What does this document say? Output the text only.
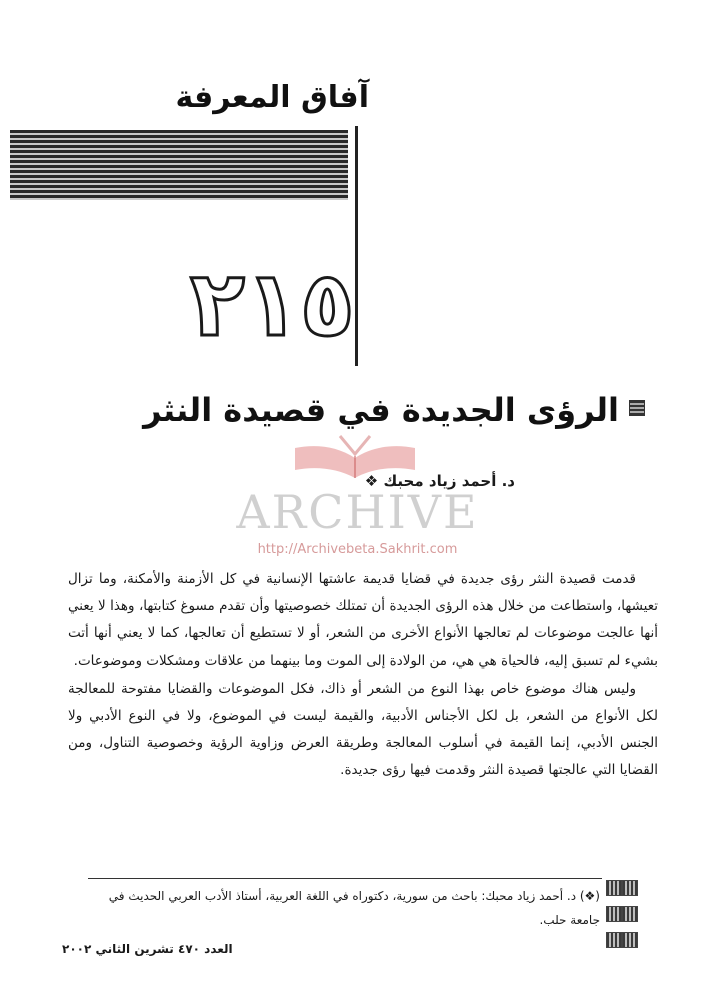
آفاق المعرفة
٢١٥
الرؤى الجديدة في قصيدة النثر
د. أحمد زياد محبك ❖
ARCHIVE
http://Archivebeta.Sakhrit.com

قدمت قصيدة النثر رؤى جديدة في قضايا قديمة عاشتها الإنسانية في كل الأزمنة والأمكنة، وما تزال تعيشها، واستطاعت من خلال هذه الرؤى الجديدة أن تمتلك خصوصيتها وأن تقدم مسوغ كتابتها، وهذا لا يعني أنها عالجت موضوعات لم تعالجها الأنواع الأخرى من الشعر، أو لا تستطيع أن تعالجها، كما لا يعني أنها أتت بشيء لم تسبق إليه، فالحياة هي هي، من الولادة إلى الموت وما بينهما من علاقات ومشكلات وموضوعات.

وليس هناك موضوع خاص بهذا النوع من الشعر أو ذاك، فكل الموضوعات والقضايا مفتوحة للمعالجة لكل الأنواع من الشعر، بل لكل الأجناس الأدبية، والقيمة ليست في الموضوع، ولا في النوع الأدبي ولا الجنس الأدبي، إنما القيمة في أسلوب المعالجة وطريقة العرض وزاوية الرؤية وخصوصية التناول، ومن القضايا التي عالجتها قصيدة النثر وقدمت فيها رؤى جديدة.

(❖) د. أحمد زياد محبك: باحث من سورية، دكتوراه في اللغة العربية، أستاذ الأدب العربي الحديث في جامعة حلب.
العدد ٤٧٠ تشرين الثاني ٢٠٠٢
